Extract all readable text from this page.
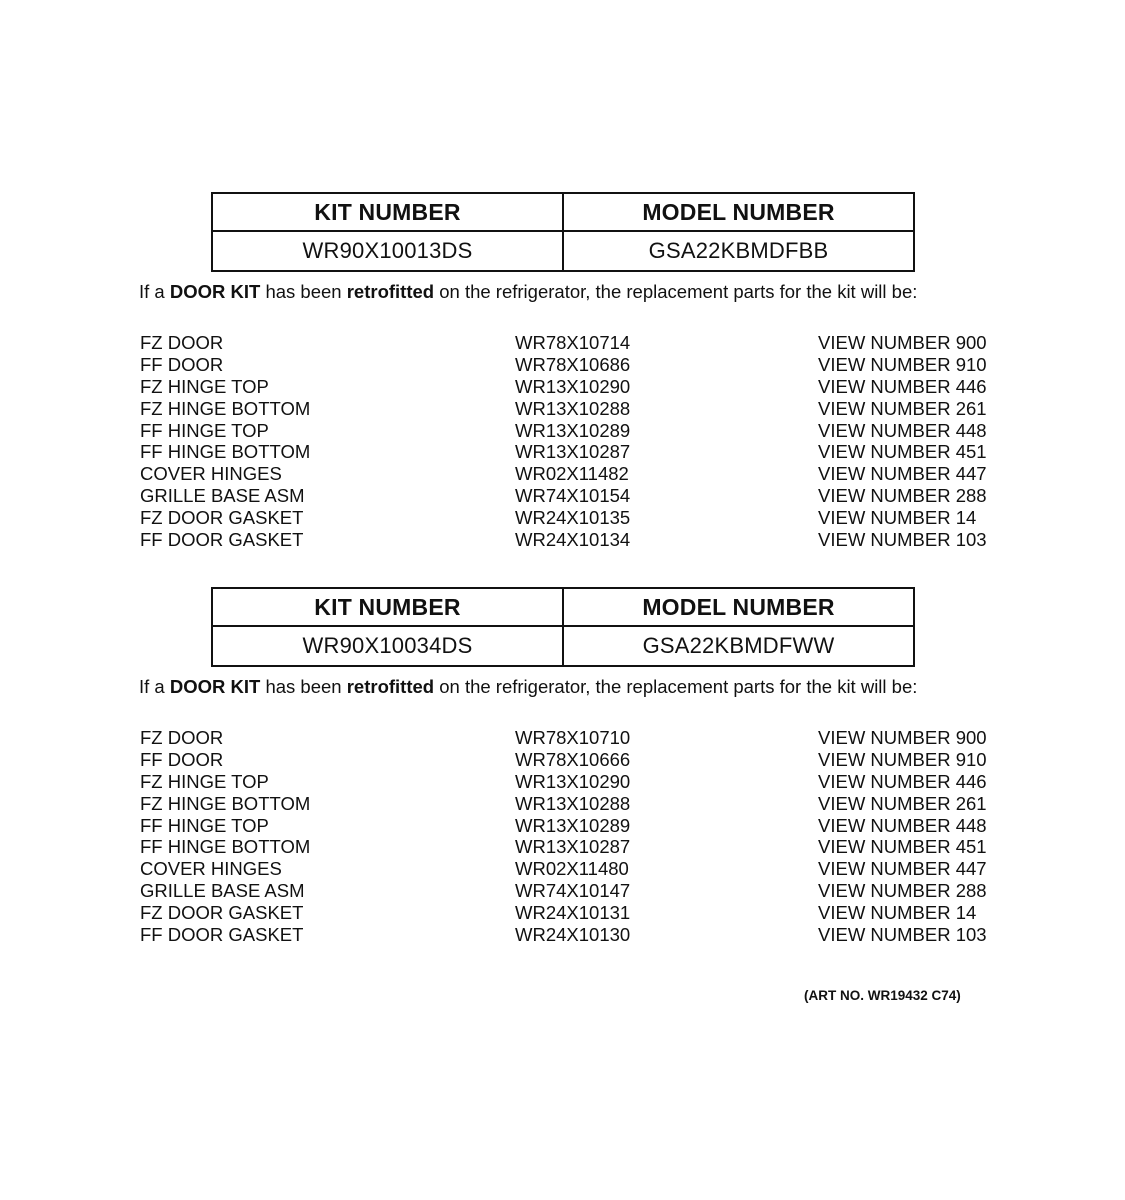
KIT NUMBER	MODEL NUMBER
WR90X10013DS	GSA22KBMDFBB
If a DOOR KIT has been retrofitted on the refrigerator, the replacement parts for the kit will be:
FZ DOOR	WR78X10714	VIEW NUMBER 900
FF DOOR	WR78X10686	VIEW NUMBER 910
FZ HINGE TOP	WR13X10290	VIEW NUMBER 446
FZ HINGE BOTTOM	WR13X10288	VIEW NUMBER 261
FF HINGE TOP	WR13X10289	VIEW NUMBER 448
FF HINGE BOTTOM	WR13X10287	VIEW NUMBER 451
COVER HINGES	WR02X11482	VIEW NUMBER 447
GRILLE BASE ASM	WR74X10154	VIEW NUMBER 288
FZ DOOR GASKET	WR24X10135	VIEW NUMBER 14
FF DOOR GASKET	WR24X10134	VIEW NUMBER 103
KIT NUMBER	MODEL NUMBER
WR90X10034DS	GSA22KBMDFWW
If a DOOR KIT has been retrofitted on the refrigerator, the replacement parts for the kit will be:
FZ DOOR	WR78X10710	VIEW NUMBER 900
FF DOOR	WR78X10666	VIEW NUMBER 910
FZ HINGE TOP	WR13X10290	VIEW NUMBER 446
FZ HINGE BOTTOM	WR13X10288	VIEW NUMBER 261
FF HINGE TOP	WR13X10289	VIEW NUMBER 448
FF HINGE BOTTOM	WR13X10287	VIEW NUMBER 451
COVER HINGES	WR02X11480	VIEW NUMBER 447
GRILLE BASE ASM	WR74X10147	VIEW NUMBER 288
FZ DOOR GASKET	WR24X10131	VIEW NUMBER 14
FF DOOR GASKET	WR24X10130	VIEW NUMBER 103
(ART NO. WR19432 C74)
